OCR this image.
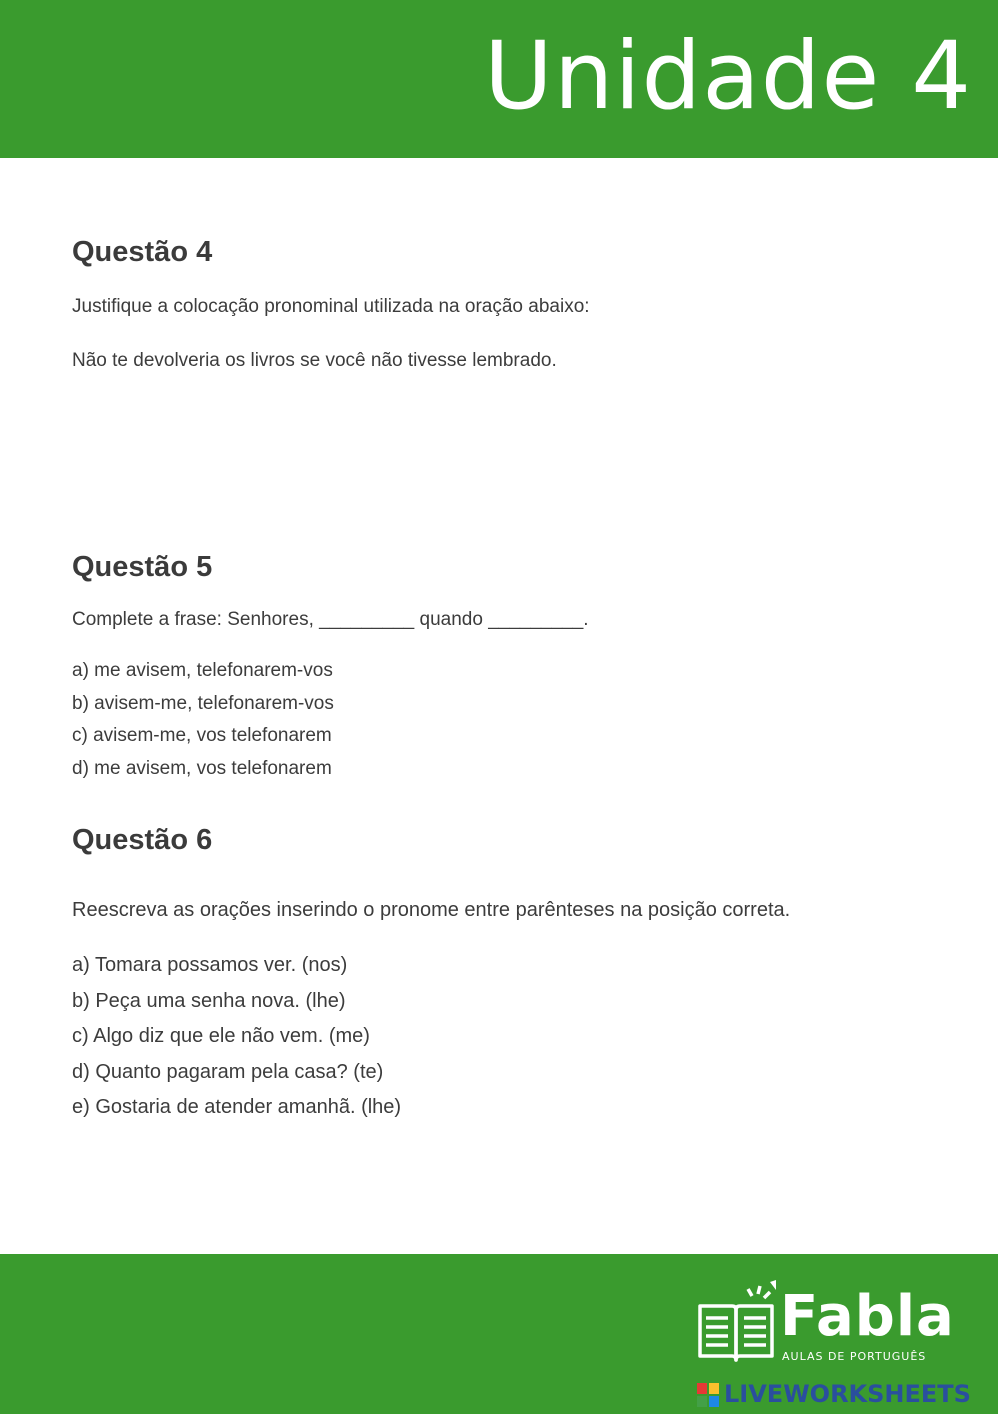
Unidade 4
Questão 4
Justifique a colocação pronominal utilizada na oração abaixo:
Não te devolveria os livros se você não tivesse lembrado.
Questão 5
Complete a frase: Senhores, _________ quando _________.
a) me avisem, telefonarem-vos
b) avisem-me, telefonarem-vos
c) avisem-me, vos telefonarem
d) me avisem, vos telefonarem
Questão 6
Reescreva as orações inserindo o pronome entre parênteses na posição correta.
a) Tomara possamos ver. (nos)
b) Peça uma senha nova. (lhe)
c) Algo diz que ele não vem. (me)
d) Quanto pagaram pela casa? (te)
e) Gostaria de atender amanhã. (lhe)
Fabla
AULAS DE PORTUGUÊS
LIVEWORKSHEETS
